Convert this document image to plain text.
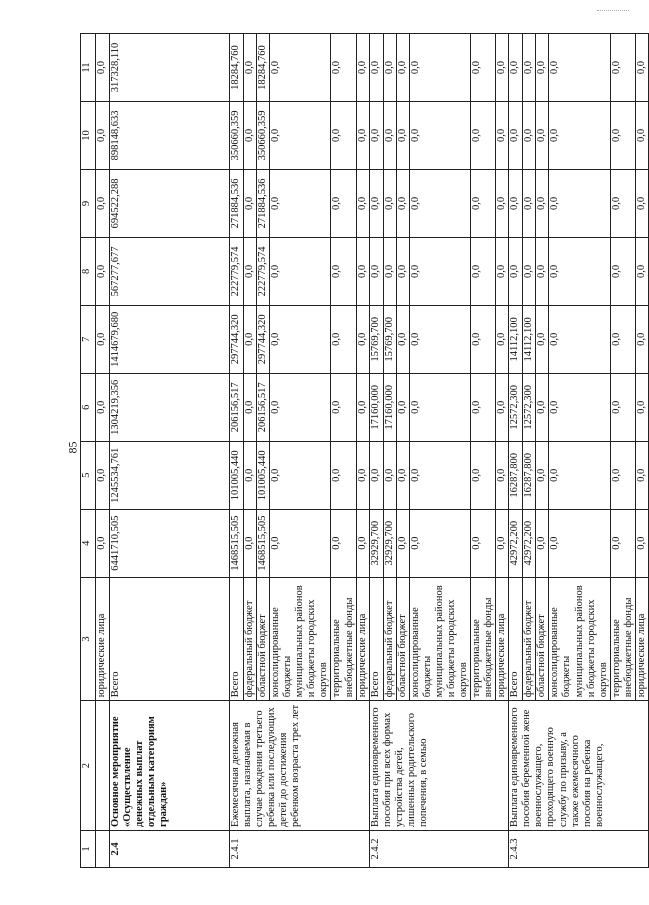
85
1	2	3	4	5	6	7	8	9	10	11
		юридические лица	0,0	0,0	0,0	0,0	0,0	0,0	0,0	0,0
2.4	Основное мероприятие «Осуществление денежных выплат отдельным категориям граждан»	Всего	6441710,505	1245534,761	1304219,356	1414679,680	567277,677	694522,288	898148,633	317328,110
2.4.1	Ежемесячная денежная выплата, назначаемая в случае рождения третьего ребенка или последующих детей до достижения ребенком возраста трех лет	Всего	1468515,505	101005,440	206156,517	297744,320	222779,574	271884,536	350660,359	18284,760
		федеральный бюджет	0,0	0,0	0,0	0,0	0,0	0,0	0,0	0,0
		областной бюджет	1468515,505	101005,440	206156,517	297744,320	222779,574	271884,536	350660,359	18284,760
		консолидированные бюджеты муниципальных районов и бюджеты городских округов	0,0	0,0	0,0	0,0	0,0	0,0	0,0	0,0
		территориальные внебюджетные фонды	0,0	0,0	0,0	0,0	0,0	0,0	0,0	0,0
		юридические лица	0,0	0,0	0,0	0,0	0,0	0,0	0,0	0,0
2.4.2	Выплата единовременного пособия при всех формах устройства детей, лишенных родительского попечения, в семью	Всего	32929,700	0,0	17160,000	15769,700	0,0	0,0	0,0	0,0
		федеральный бюджет	32929,700	0,0	17160,000	15769,700	0,0	0,0	0,0	0,0
		областной бюджет	0,0	0,0	0,0	0,0	0,0	0,0	0,0	0,0
		консолидированные бюджеты муниципальных районов и бюджеты городских округов	0,0	0,0	0,0	0,0	0,0	0,0	0,0	0,0
		территориальные внебюджетные фонды	0,0	0,0	0,0	0,0	0,0	0,0	0,0	0,0
		юридические лица	0,0	0,0	0,0	0,0	0,0	0,0	0,0	0,0
2.4.3	Выплата единовременного пособия беременной жене военнослужащего, проходящего военную службу по призыву, а также ежемесячного пособия на ребенка военнослужащего,	Всего	42972,200	16287,800	12572,300	14112,100	0,0	0,0	0,0	0,0
		федеральный бюджет	42972,200	16287,800	12572,300	14112,100	0,0	0,0	0,0	0,0
		областной бюджет	0,0	0,0	0,0	0,0	0,0	0,0	0,0	0,0
		консолидированные бюджеты муниципальных районов и бюджеты городских округов	0,0	0,0	0,0	0,0	0,0	0,0	0,0	0,0
		территориальные внебюджетные фонды	0,0	0,0	0,0	0,0	0,0	0,0	0,0	0,0
		юридические лица	0,0	0,0	0,0	0,0	0,0	0,0	0,0	0,0
